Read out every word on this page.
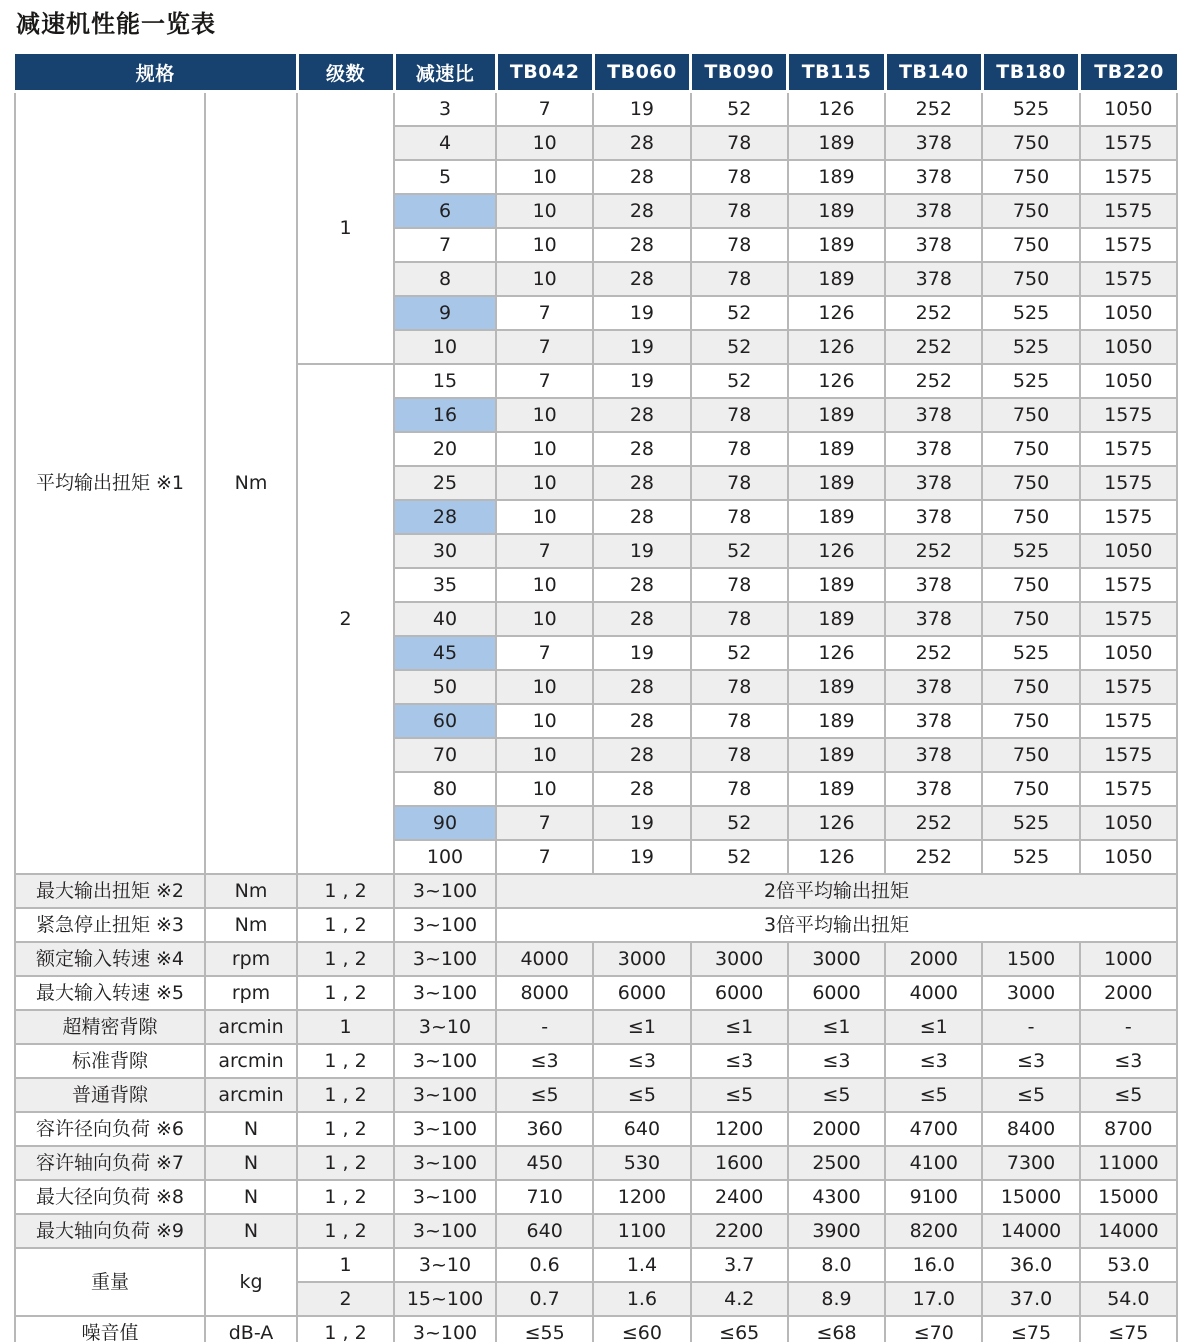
减速机性能一览表
规格		级数	减速比	TB042	TB060	TB090	TB115	TB140	TB180	TB220
平均输出扭矩 ※1	Nm	1	3	7	19	52	126	252	525	1050
			4	10	28	78	189	378	750	1575
			5	10	28	78	189	378	750	1575
			6	10	28	78	189	378	750	1575
			7	10	28	78	189	378	750	1575
			8	10	28	78	189	378	750	1575
			9	7	19	52	126	252	525	1050
			10	7	19	52	126	252	525	1050
		2	15	7	19	52	126	252	525	1050
			16	10	28	78	189	378	750	1575
			20	10	28	78	189	378	750	1575
			25	10	28	78	189	378	750	1575
			28	10	28	78	189	378	750	1575
			30	7	19	52	126	252	525	1050
			35	10	28	78	189	378	750	1575
			40	10	28	78	189	378	750	1575
			45	7	19	52	126	252	525	1050
			50	10	28	78	189	378	750	1575
			60	10	28	78	189	378	750	1575
			70	10	28	78	189	378	750	1575
			80	10	28	78	189	378	750	1575
			90	7	19	52	126	252	525	1050
			100	7	19	52	126	252	525	1050
最大输出扭矩 ※2	Nm	1 , 2	3~100	2倍平均输出扭矩						
紧急停止扭矩 ※3	Nm	1 , 2	3~100	3倍平均输出扭矩						
额定输入转速 ※4	rpm	1 , 2	3~100	4000	3000	3000	3000	2000	1500	1000
最大输入转速 ※5	rpm	1 , 2	3~100	8000	6000	6000	6000	4000	3000	2000
超精密背隙	arcmin	1	3~10	-	≤1	≤1	≤1	≤1	-	-
标准背隙	arcmin	1 , 2	3~100	≤3	≤3	≤3	≤3	≤3	≤3	≤3
普通背隙	arcmin	1 , 2	3~100	≤5	≤5	≤5	≤5	≤5	≤5	≤5
容许径向负荷 ※6	N	1 , 2	3~100	360	640	1200	2000	4700	8400	8700
容许轴向负荷 ※7	N	1 , 2	3~100	450	530	1600	2500	4100	7300	11000
最大径向负荷 ※8	N	1 , 2	3~100	710	1200	2400	4300	9100	15000	15000
最大轴向负荷 ※9	N	1 , 2	3~100	640	1100	2200	3900	8200	14000	14000
重量	kg	1	3~10	0.6	1.4	3.7	8.0	16.0	36.0	53.0
		2	15~100	0.7	1.6	4.2	8.9	17.0	37.0	54.0
噪音值	dB-A	1 , 2	3~100	≤55	≤60	≤65	≤68	≤70	≤75	≤75
